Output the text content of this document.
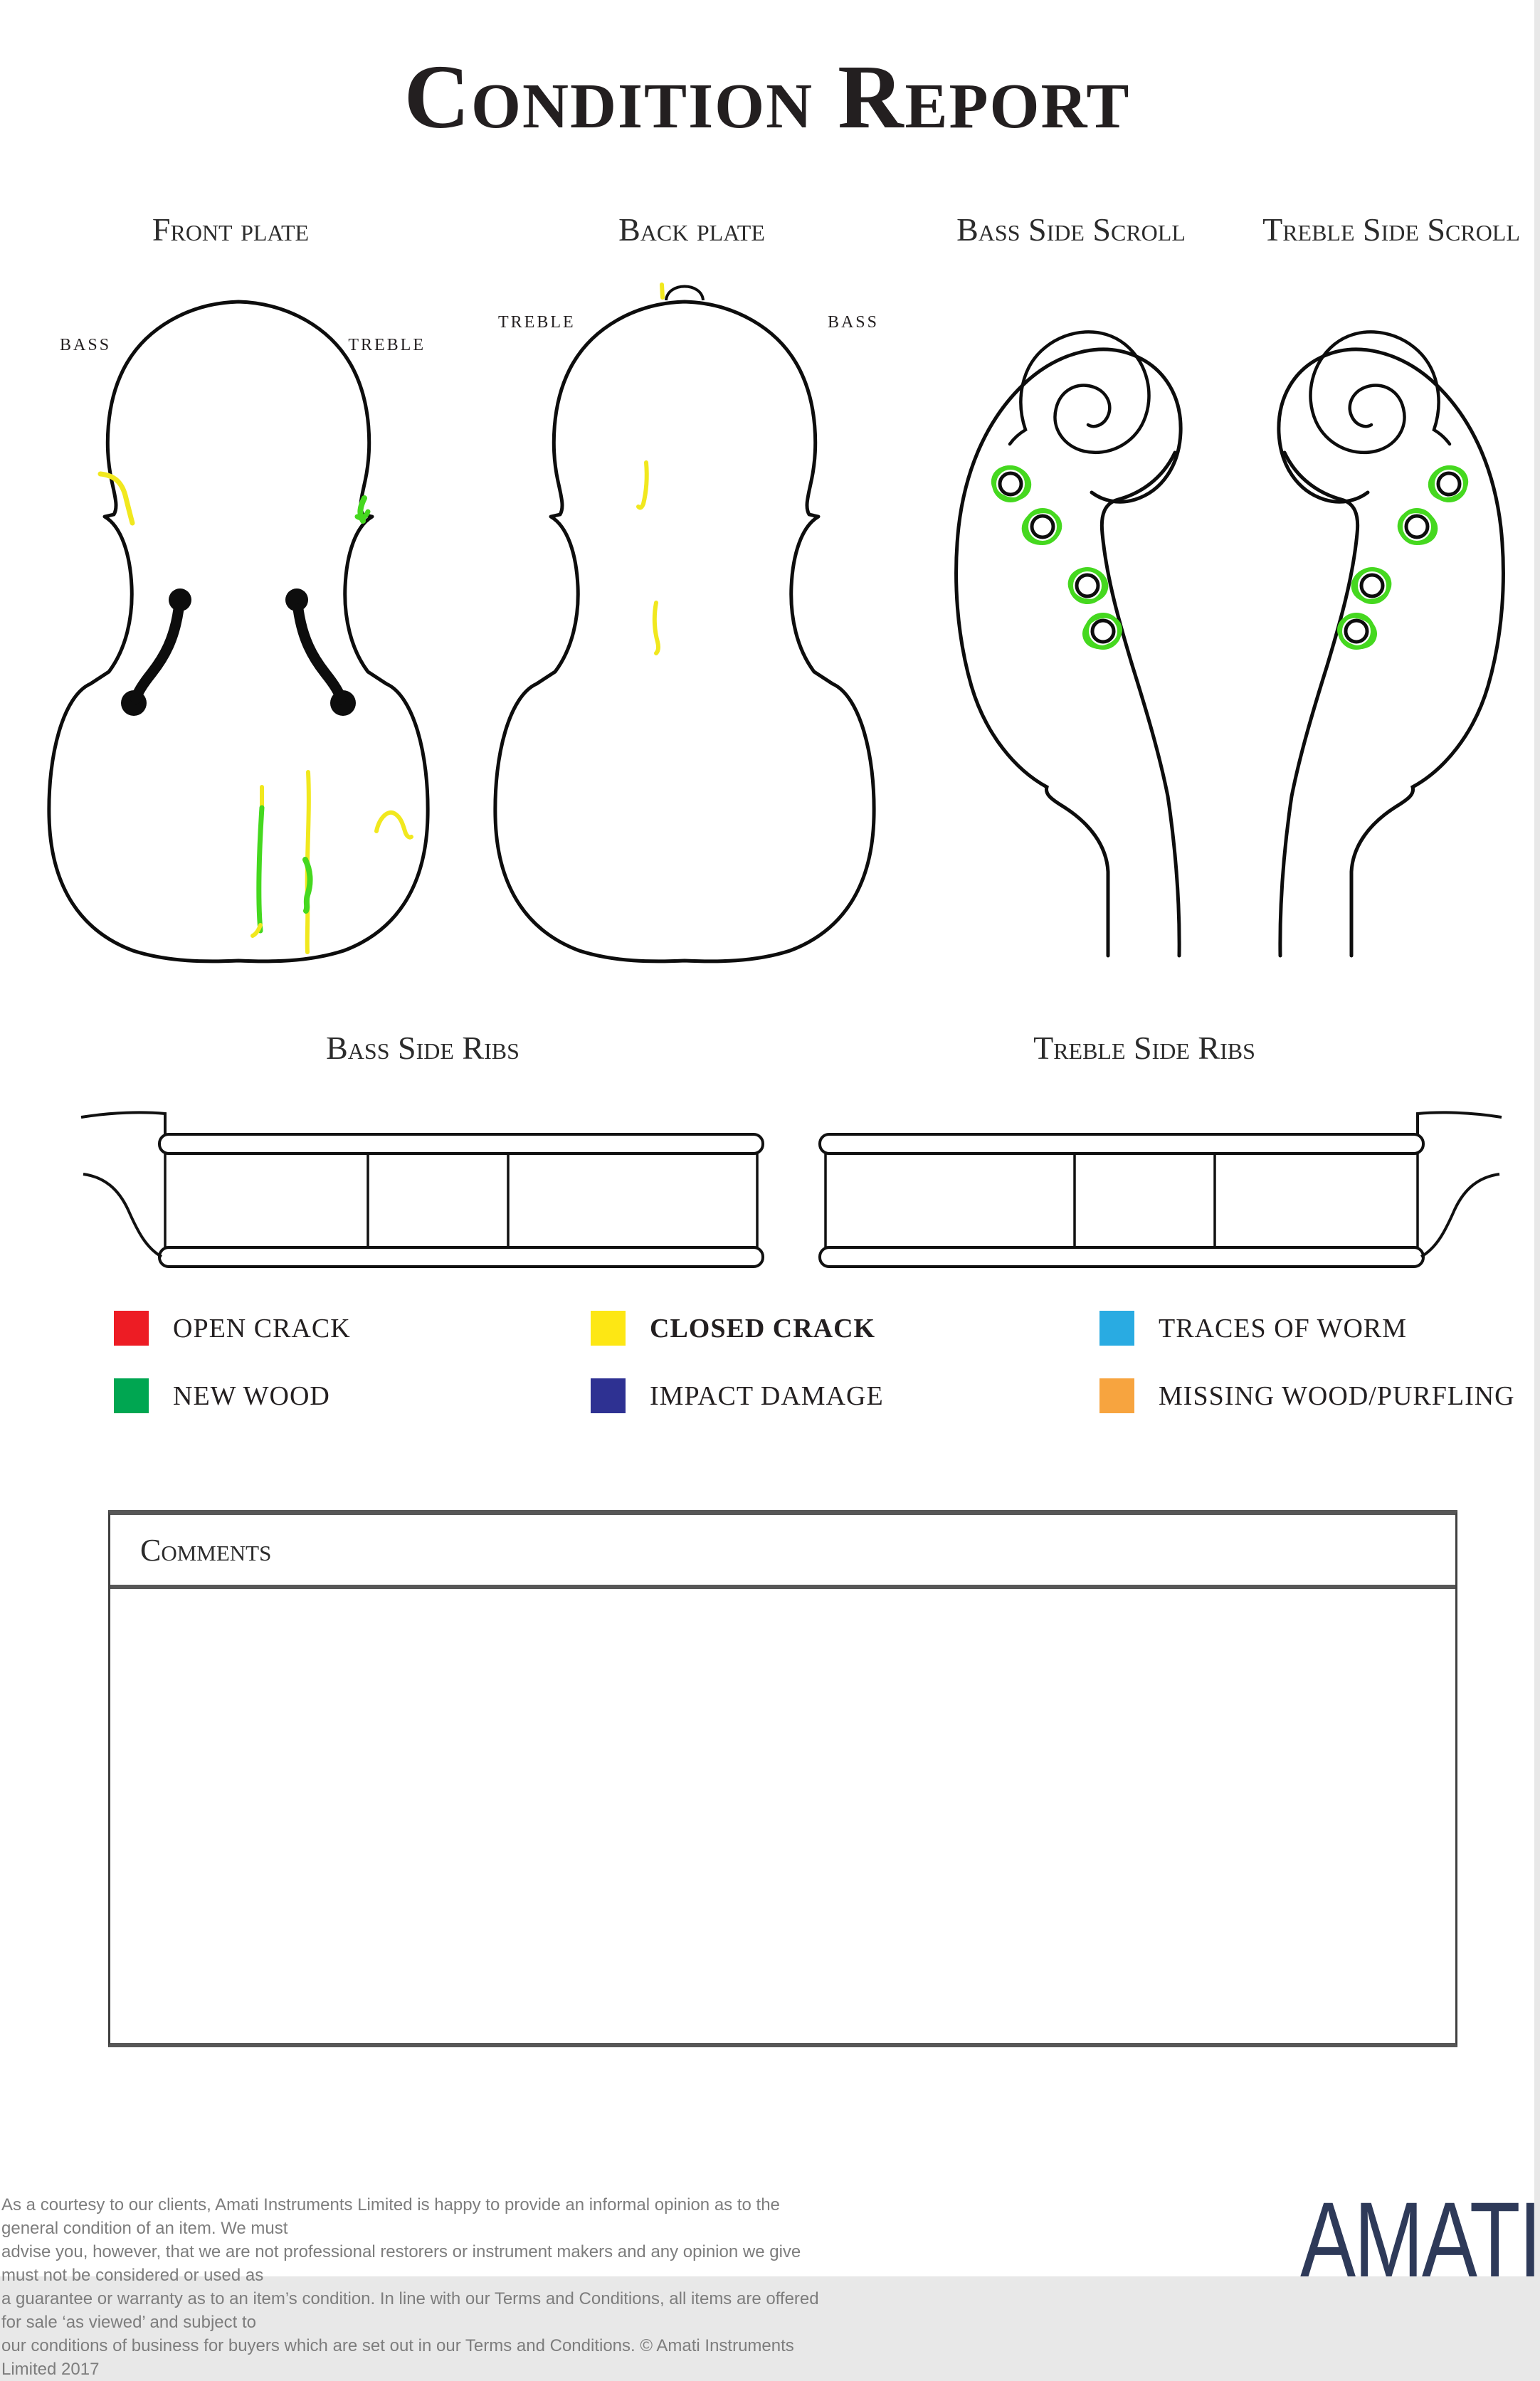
Condition Report
Front plate	Back plate	Bass Side Scroll Treble Side Scroll
Bass Side Ribs	Treble Side Ribs
BASS	TREBLE
TREBLE	BASS
OPEN CRACK	CLOSED CRACK	TRACES OF WORM
NEW WOOD	IMPACT DAMAGE	MISSING WOOD/PURFLING
Comments
As a courtesy to our clients, Amati Instruments Limited is happy to provide an informal opinion as to the general condition of an item. We must
advise you, however, that we are not professional restorers or instrument makers and any opinion we give must not be considered or used as
a guarantee or warranty as to an item’s condition. In line with our Terms and Conditions, all items are offered for sale ‘as viewed’ and subject to
our conditions of business for buyers which are set out in our Terms and Conditions. © Amati Instruments Limited 2017
AMATI
